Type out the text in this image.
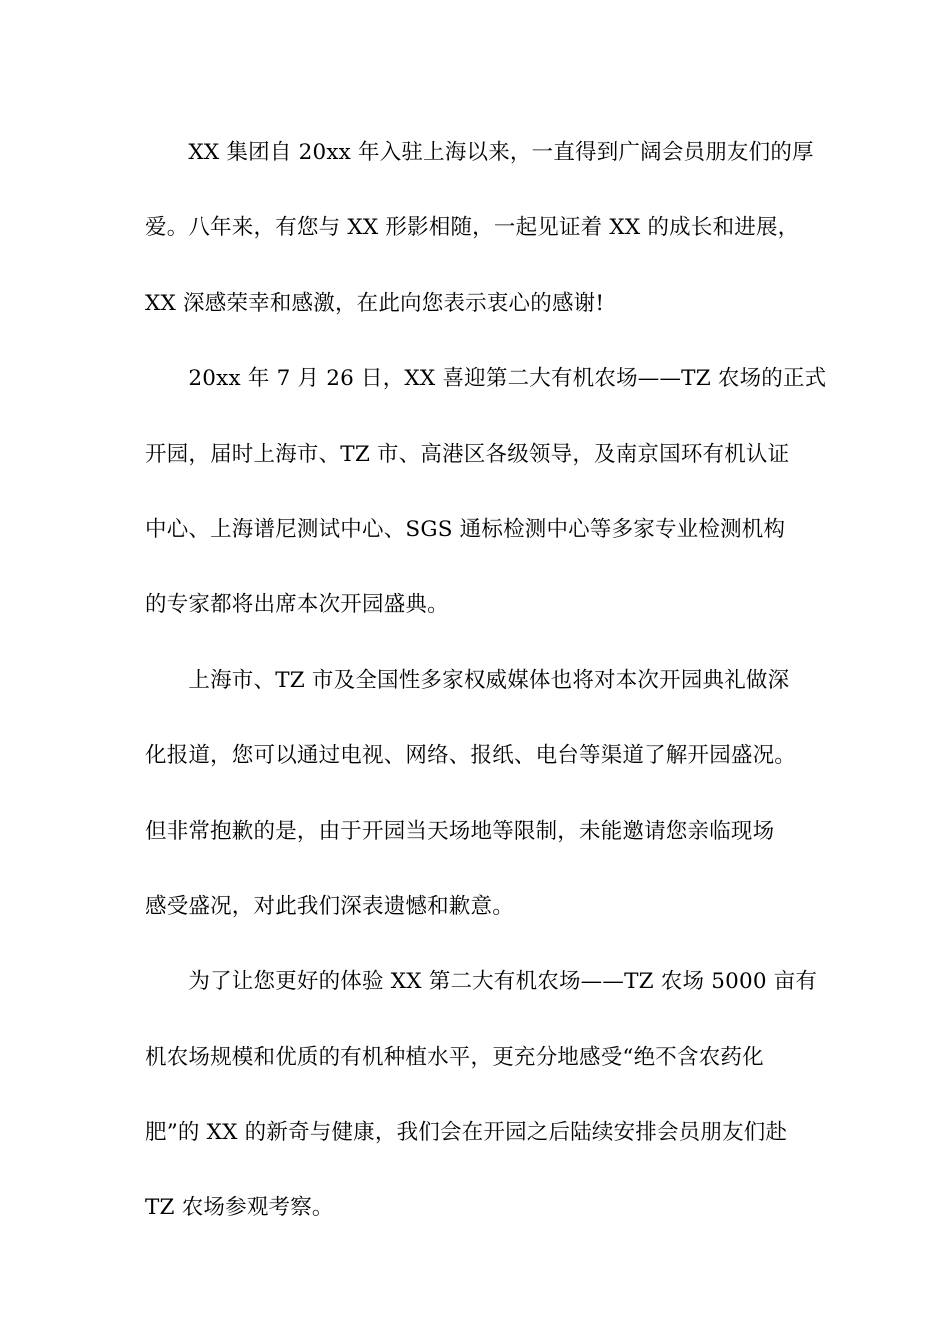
　　XX 集团自 20xx 年入驻上海以来，一直得到广阔会员朋友们的厚
爱。八年来，有您与 XX 形影相随，一起见证着 XX 的成长和进展，
XX 深感荣幸和感激，在此向您表示衷心的感谢!
　　20xx 年 7 月 26 日，XX 喜迎第二大有机农场——TZ 农场的正式
开园，届时上海市、TZ 市、高港区各级领导，及南京国环有机认证
中心、上海谱尼测试中心、SGS 通标检测中心等多家专业检测机构
的专家都将出席本次开园盛典。
　　上海市、TZ 市及全国性多家权威媒体也将对本次开园典礼做深
化报道，您可以通过电视、网络、报纸、电台等渠道了解开园盛况。
但非常抱歉的是，由于开园当天场地等限制，未能邀请您亲临现场
感受盛况，对此我们深表遗憾和歉意。
　　为了让您更好的体验 XX 第二大有机农场——TZ 农场 5000 亩有
机农场规模和优质的有机种植水平，更充分地感受“绝不含农药化
肥”的 XX 的新奇与健康，我们会在开园之后陆续安排会员朋友们赴
TZ 农场参观考察。
